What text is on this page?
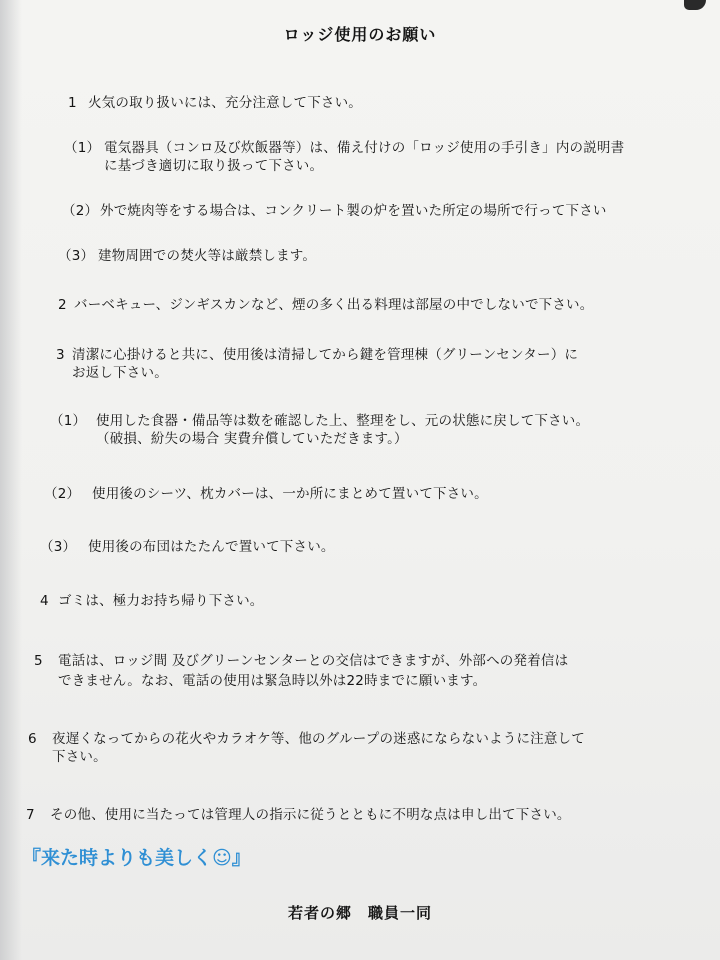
ロッジ使用のお願い
1 火気の取り扱いには、充分注意して下さい。
（1） 電気器具（コンロ及び炊飯器等）は、備え付けの「ロッジ使用の手引き」内の説明書
に基づき適切に取り扱って下さい。
（2） 外で焼肉等をする場合は、コンクリート製の炉を置いた所定の場所で行って下さい
（3） 建物周囲での焚火等は厳禁します。
2 バーベキュー、ジンギスカンなど、煙の多く出る料理は部屋の中でしないで下さい。
3 清潔に心掛けると共に、使用後は清掃してから鍵を管理棟（グリーンセンター）に
お返し下さい。
（1） 使用した食器・備品等は数を確認した上、整理をし、元の状態に戻して下さい。
（破損、紛失の場合 実費弁償していただきます。）
（2） 使用後のシーツ、枕カバーは、一か所にまとめて置いて下さい。
（3） 使用後の布団はたたんで置いて下さい。
4 ゴミは、極力お持ち帰り下さい。
5 電話は、ロッジ間 及びグリーンセンターとの交信はできますが、外部への発着信は
できません。なお、電話の使用は緊急時以外は22時までに願います。
6 夜遅くなってからの花火やカラオケ等、他のグループの迷惑にならないように注意して
下さい。
7 その他、使用に当たっては管理人の指示に従うとともに不明な点は申し出て下さい。
『来た時よりも美しく☺』
若者の郷　職員一同
